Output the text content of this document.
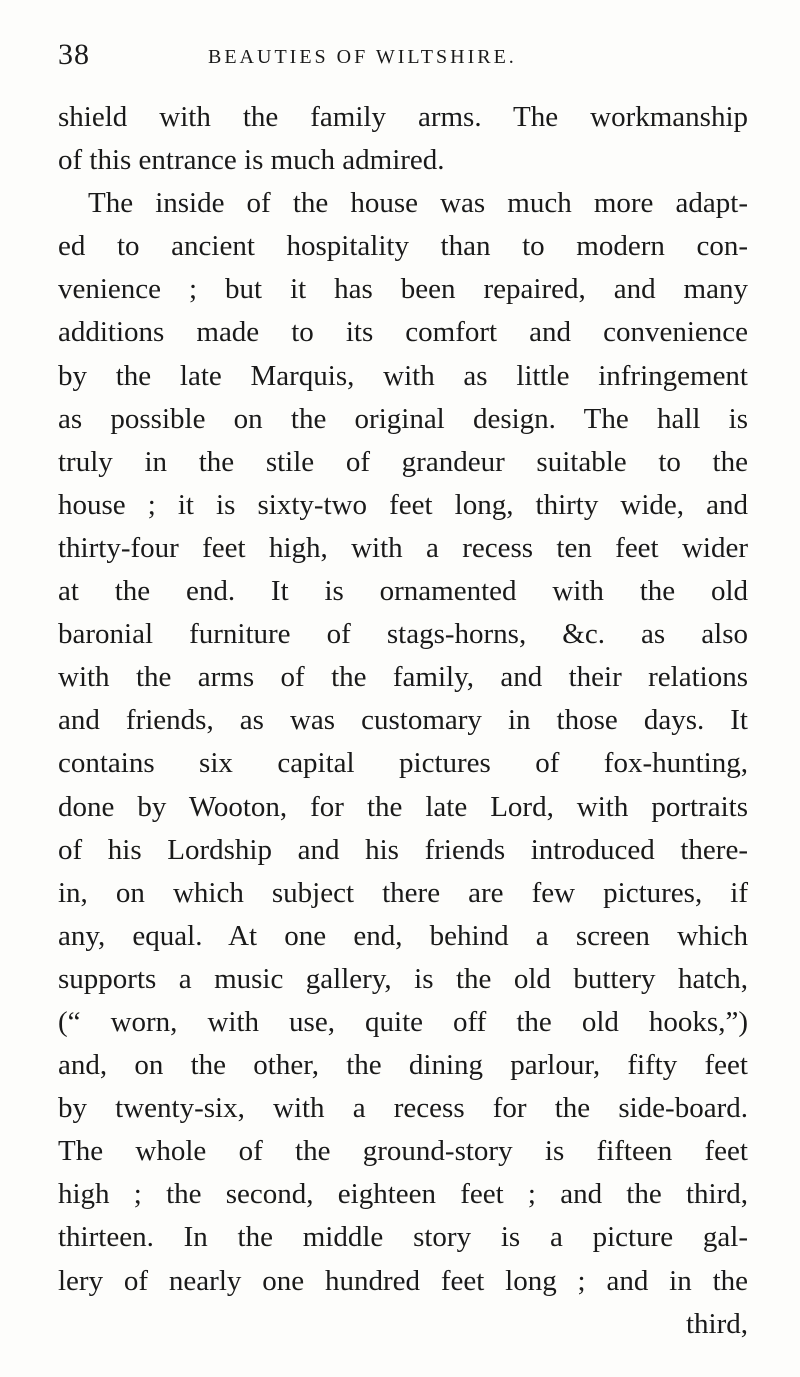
38	BEAUTIES OF WILTSHIRE.
shield with the family arms. The workmanship
of this entrance is much admired.
The inside of the house was much more adapt-
ed to ancient hospitality than to modern con-
venience ; but it has been repaired, and many
additions made to its comfort and convenience
by the late Marquis, with as little infringement
as possible on the original design. The hall is
truly in the stile of grandeur suitable to the
house ; it is sixty-two feet long, thirty wide, and
thirty-four feet high, with a recess ten feet wider
at the end. It is ornamented with the old
baronial furniture of stags-horns, &c. as also
with the arms of the family, and their relations
and friends, as was customary in those days. It
contains six capital pictures of fox-hunting,
done by Wooton, for the late Lord, with portraits
of his Lordship and his friends introduced there-
in, on which subject there are few pictures, if
any, equal. At one end, behind a screen which
supports a music gallery, is the old buttery hatch,
(“ worn, with use, quite off the old hooks,”)
and, on the other, the dining parlour, fifty feet
by twenty-six, with a recess for the side-board.
The whole of the ground-story is fifteen feet
high ; the second, eighteen feet ; and the third,
thirteen. In the middle story is a picture gal-
lery of nearly one hundred feet long ; and in the
third,
